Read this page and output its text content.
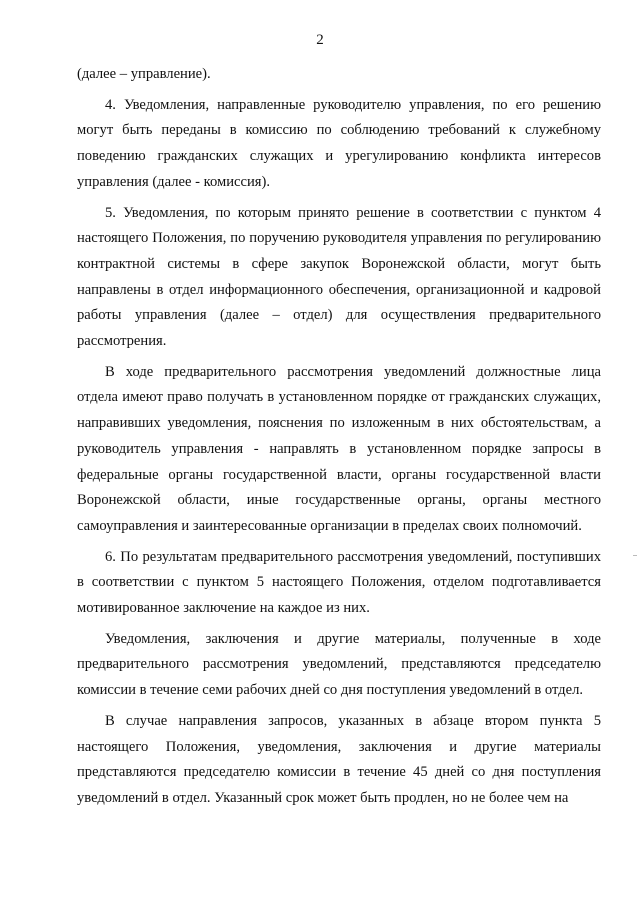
2

(далее – управление).

4. Уведомления, направленные руководителю управления, по его решению могут быть переданы в комиссию по соблюдению требований к служебному поведению гражданских служащих и урегулированию конфликта интересов управления (далее - комиссия).

5. Уведомления, по которым принято решение в соответствии с пунктом 4 настоящего Положения, по поручению руководителя управления по регулированию контрактной системы в сфере закупок Воронежской области, могут быть направлены в отдел информационного обеспечения, организационной и кадровой работы управления (далее – отдел) для осуществления предварительного рассмотрения.

В ходе предварительного рассмотрения уведомлений должностные лица отдела имеют право получать в установленном порядке от гражданских служащих, направивших уведомления, пояснения по изложенным в них обстоятельствам, а руководитель управления - направлять в установленном порядке запросы в федеральные органы государственной власти, органы государственной власти Воронежской области, иные государственные органы, органы местного самоуправления и заинтересованные организации в пределах своих полномочий.

6. По результатам предварительного рассмотрения уведомлений, поступивших в соответствии с пунктом 5 настоящего Положения, отделом подготавливается мотивированное заключение на каждое из них.

Уведомления, заключения и другие материалы, полученные в ходе предварительного рассмотрения уведомлений, представляются председателю комиссии в течение семи рабочих дней со дня поступления уведомлений в отдел.

В случае направления запросов, указанных в абзаце втором пункта 5 настоящего Положения, уведомления, заключения и другие материалы представляются председателю комиссии в течение 45 дней со дня поступления уведомлений в отдел. Указанный срок может быть продлен, но не более чем на
